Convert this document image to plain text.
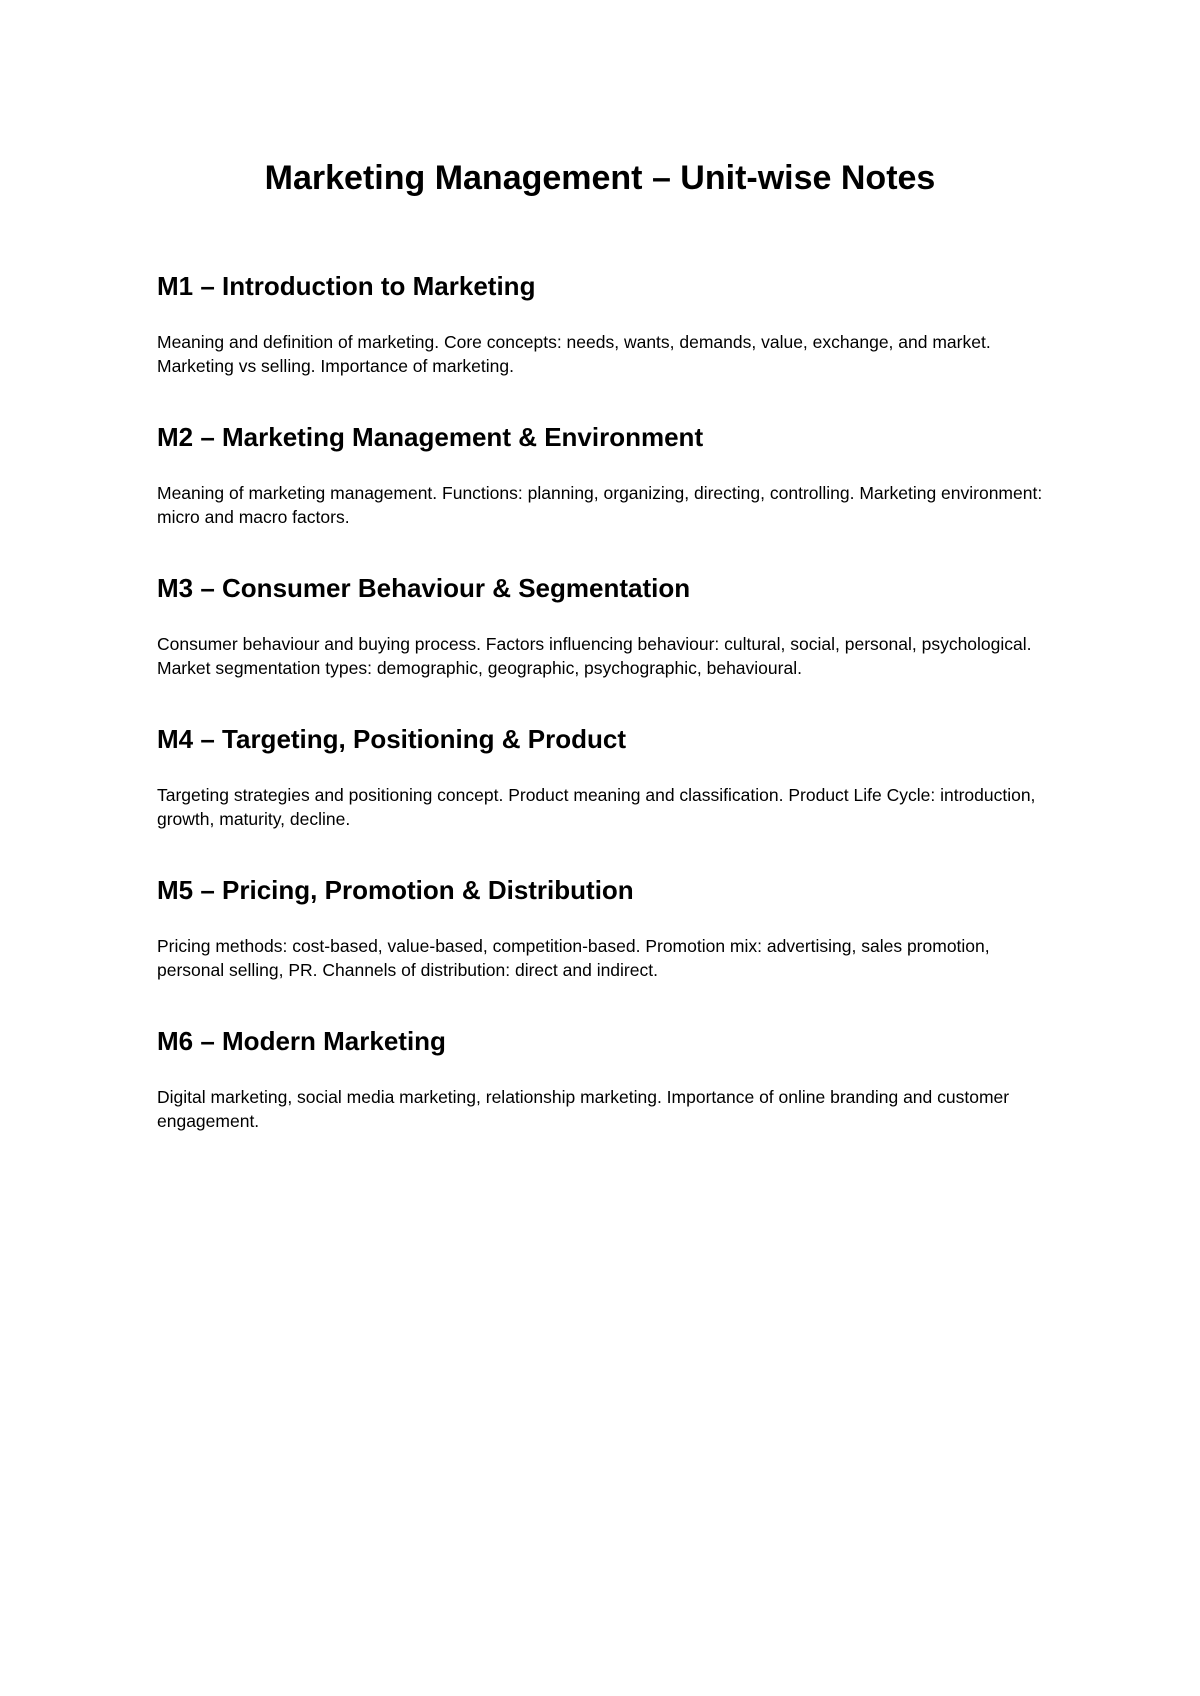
Marketing Management – Unit-wise Notes
M1 – Introduction to Marketing

Meaning and definition of marketing. Core concepts: needs, wants, demands, value, exchange, and market. Marketing vs selling. Importance of marketing.

M2 – Marketing Management & Environment

Meaning of marketing management. Functions: planning, organizing, directing, controlling. Marketing environment: micro and macro factors.

M3 – Consumer Behaviour & Segmentation

Consumer behaviour and buying process. Factors influencing behaviour: cultural, social, personal, psychological. Market segmentation types: demographic, geographic, psychographic, behavioural.

M4 – Targeting, Positioning & Product

Targeting strategies and positioning concept. Product meaning and classification. Product Life Cycle: introduction, growth, maturity, decline.

M5 – Pricing, Promotion & Distribution

Pricing methods: cost-based, value-based, competition-based. Promotion mix: advertising, sales promotion, personal selling, PR. Channels of distribution: direct and indirect.

M6 – Modern Marketing

Digital marketing, social media marketing, relationship marketing. Importance of online branding and customer engagement.
